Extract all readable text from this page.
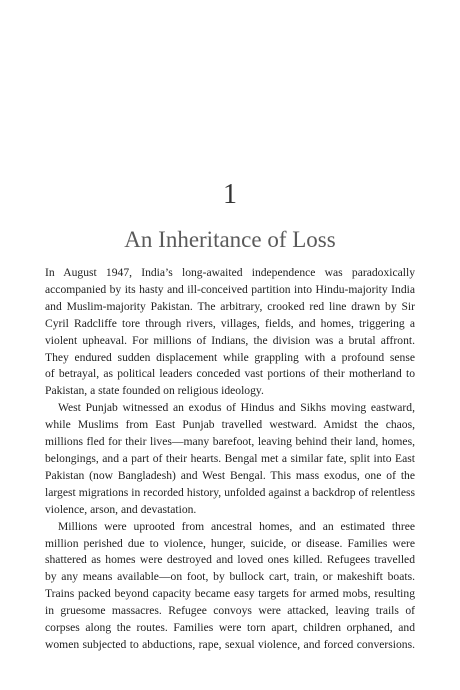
1
An Inheritance of Loss

In August 1947, India’s long-awaited independence was paradoxically
accompanied by its hasty and ill-conceived partition into Hindu-majority India
and Muslim-majority Pakistan. The arbitrary, crooked red line drawn by Sir
Cyril Radcliffe tore through rivers, villages, fields, and homes, triggering a
violent upheaval. For millions of Indians, the division was a brutal affront.
They endured sudden displacement while grappling with a profound sense
of betrayal, as political leaders conceded vast portions of their motherland to
Pakistan, a state founded on religious ideology.

West Punjab witnessed an exodus of Hindus and Sikhs moving eastward,
while Muslims from East Punjab travelled westward. Amidst the chaos,
millions fled for their lives—many barefoot, leaving behind their land, homes,
belongings, and a part of their hearts. Bengal met a similar fate, split into East
Pakistan (now Bangladesh) and West Bengal. This mass exodus, one of the
largest migrations in recorded history, unfolded against a backdrop of relentless
violence, arson, and devastation.

Millions were uprooted from ancestral homes, and an estimated three
million perished due to violence, hunger, suicide, or disease. Families were
shattered as homes were destroyed and loved ones killed. Refugees travelled
by any means available—on foot, by bullock cart, train, or makeshift boats.
Trains packed beyond capacity became easy targets for armed mobs, resulting
in gruesome massacres. Refugee convoys were attacked, leaving trails of
corpses along the routes. Families were torn apart, children orphaned, and
women subjected to abductions, rape, sexual violence, and forced conversions.
